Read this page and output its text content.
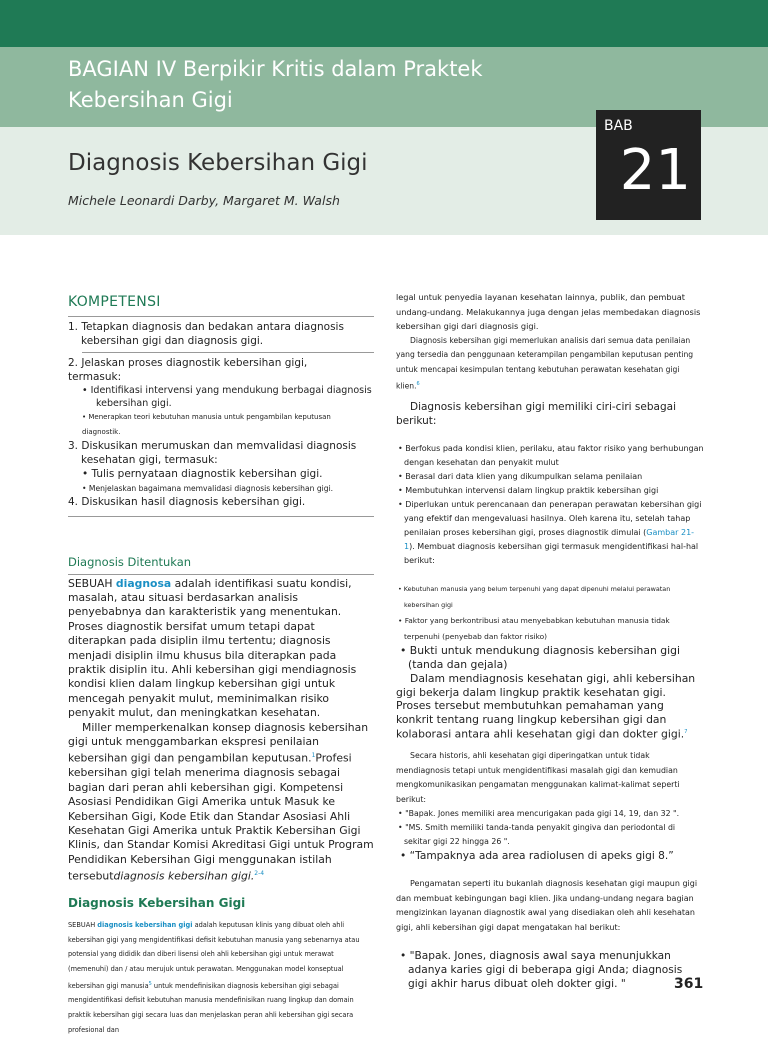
BAGIAN IV Berpikir Kritis dalam Praktek Kebersihan Gigi
Diagnosis Kebersihan Gigi
Michele Leonardi Darby, Margaret M. Walsh
BAB
21
KOMPETENSI

1. Tetapkan diagnosis dan bedakan antara diagnosis

kebersihan gigi dan diagnosis gigi.

2. Jelaskan proses diagnostik kebersihan gigi,

termasuk:

• Identifikasi intervensi yang mendukung berbagai diagnosis
kebersihan gigi.
• Menerapkan teori kebutuhan manusia untuk pengambilan keputusan
diagnostik.

3. Diskusikan merumuskan dan memvalidasi diagnosis

kesehatan gigi, termasuk:

• Tulis pernyataan diagnostik kebersihan gigi.
• Menjelaskan bagaimana memvalidasi diagnosis kebersihan gigi.

4. Diskusikan hasil diagnosis kebersihan gigi.

Diagnosis Ditentukan

SEBUAH diagnosa adalah identifikasi suatu kondisi, masalah, atau situasi berdasarkan analisis penyebabnya dan karakteristik yang menentukan. Proses diagnostik bersifat umum tetapi dapat diterapkan pada disiplin ilmu tertentu; diagnosis menjadi disiplin ilmu khusus bila diterapkan pada praktik disiplin itu. Ahli kebersihan gigi mendiagnosis kondisi klien dalam lingkup kebersihan gigi untuk mencegah penyakit mulut, meminimalkan risiko penyakit mulut, dan meningkatkan kesehatan.

Miller memperkenalkan konsep diagnosis kebersihan gigi untuk menggambarkan ekspresi penilaian kebersihan gigi dan pengambilan keputusan.$^1$Profesi kebersihan gigi telah menerima diagnosis sebagai bagian dari peran ahli kebersihan gigi. Kompetensi Asosiasi Pendidikan Gigi Amerika untuk Masuk ke Kebersihan Gigi, Kode Etik dan Standar Asosiasi Ahli Kesehatan Gigi Amerika untuk Praktik Kebersihan Gigi Klinis, dan Standar Komisi Akreditasi Gigi untuk Program Pendidikan Kebersihan Gigi menggunakan istilah tersebutdiagnosis kebersihan gigi.$^{2-4}$

Diagnosis Kebersihan Gigi

SEBUAH diagnosis kebersihan gigi adalah keputusan klinis yang dibuat oleh ahli kebersihan gigi yang mengidentifikasi defisit kebutuhan manusia yang sebenarnya atau potensial yang dididik dan diberi lisensi oleh ahli kebersihan gigi untuk merawat (memenuhi) dan / atau merujuk untuk perawatan. Menggunakan model konseptual kebersihan gigi manusia$^5$ untuk mendefinisikan diagnosis kebersihan gigi sebagai mengidentifikasi defisit kebutuhan manusia mendefinisikan ruang lingkup dan domain praktik kebersihan gigi secara luas dan menjelaskan peran ahli kebersihan gigi secara profesional dan

legal untuk penyedia layanan kesehatan lainnya, publik, dan pembuat undang-undang. Melakukannya juga dengan jelas membedakan diagnosis kebersihan gigi dari diagnosis gigi.

Diagnosis kebersihan gigi memerlukan analisis dari semua data penilaian yang tersedia dan penggunaan keterampilan pengambilan keputusan penting untuk mencapai kesimpulan tentang kebutuhan perawatan kesehatan gigi klien.$^6$

Diagnosis kebersihan gigi memiliki ciri-ciri sebagai berikut:

• Berfokus pada kondisi klien, perilaku, atau faktor risiko yang berhubungan dengan kesehatan dan penyakit mulut
• Berasal dari data klien yang dikumpulkan selama penilaian
• Membutuhkan intervensi dalam lingkup praktik kebersihan gigi
• Diperlukan untuk perencanaan dan penerapan perawatan kebersihan gigi yang efektif dan mengevaluasi hasilnya. Oleh karena itu, setelah tahap penilaian proses kebersihan gigi, proses diagnostik dimulai (Gambar 21-1). Membuat diagnosis kebersihan gigi termasuk mengidentifikasi hal-hal berikut:
• Kebutuhan manusia yang belum terpenuhi yang dapat dipenuhi melalui perawatan kebersihan gigi
• Faktor yang berkontribusi atau menyebabkan kebutuhan manusia tidak terpenuhi (penyebab dan faktor risiko)
• Bukti untuk mendukung diagnosis kebersihan gigi (tanda dan gejala)

Dalam mendiagnosis kesehatan gigi, ahli kebersihan gigi bekerja dalam lingkup praktik kesehatan gigi. Proses tersebut membutuhkan pemahaman yang konkrit tentang ruang lingkup kebersihan gigi dan kolaborasi antara ahli kesehatan gigi dan dokter gigi.$^7$

Secara historis, ahli kesehatan gigi diperingatkan untuk tidak mendiagnosis tetapi untuk mengidentifikasi masalah gigi dan kemudian mengkomunikasikan pengamatan menggunakan kalimat-kalimat seperti berikut:

• "Bapak. Jones memiliki area mencurigakan pada gigi 14, 19, dan 32 ".
• "MS. Smith memiliki tanda-tanda penyakit gingiva dan periodontal di sekitar gigi 22 hingga 26 ".
• “Tampaknya ada area radiolusen di apeks gigi 8.”

Pengamatan seperti itu bukanlah diagnosis kesehatan gigi maupun gigi dan membuat kebingungan bagi klien. Jika undang-undang negara bagian mengizinkan layanan diagnostik awal yang disediakan oleh ahli kesehatan gigi, ahli kebersihan gigi dapat mengatakan hal berikut:

• "Bapak. Jones, diagnosis awal saya menunjukkan adanya karies gigi di beberapa gigi Anda; diagnosis gigi akhir harus dibuat oleh dokter gigi. "	361
